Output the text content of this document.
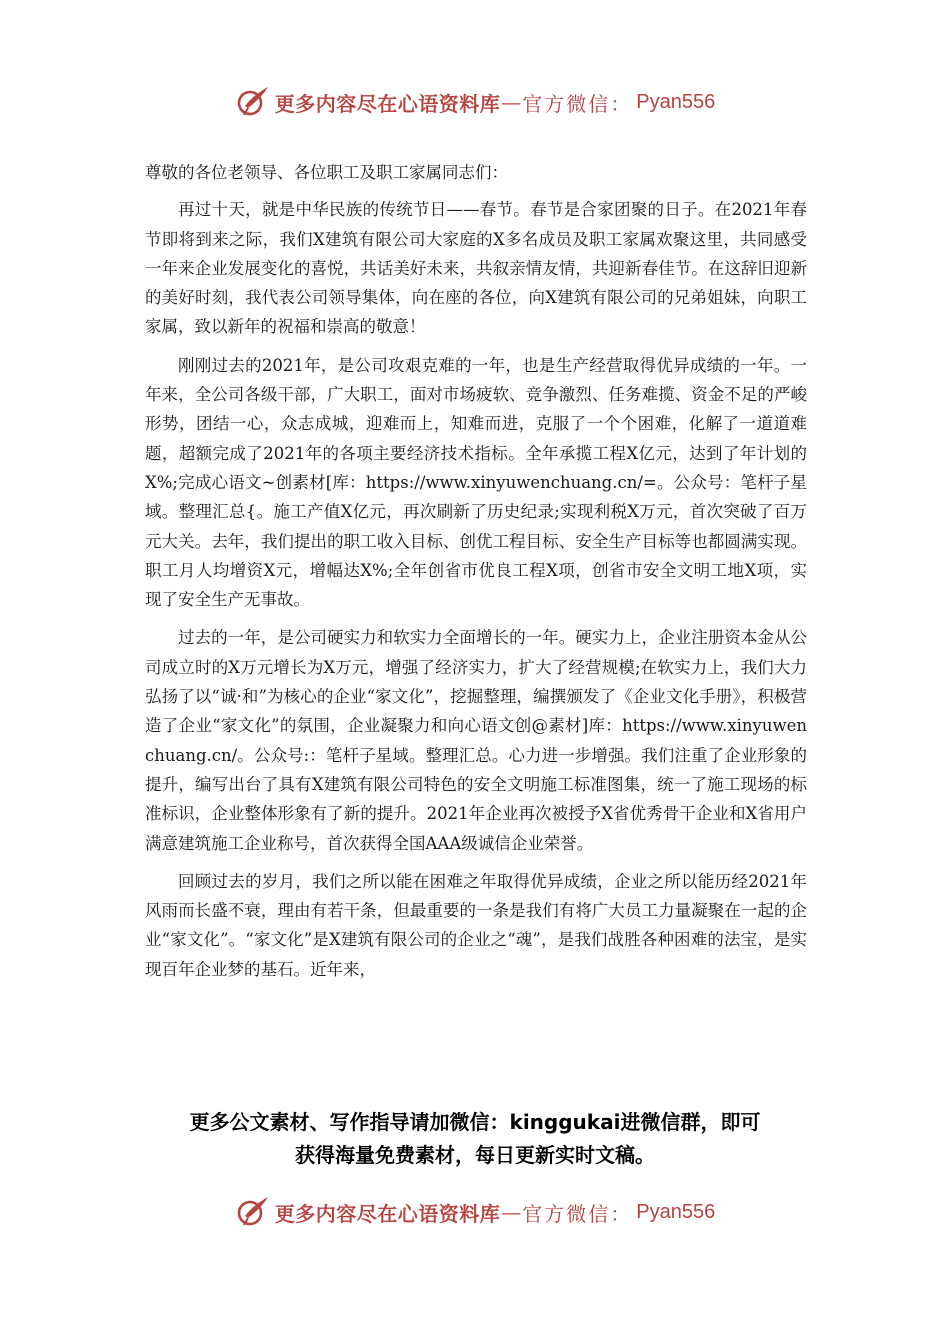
更多内容尽在心语资料库 — 官方微信： Pyan556

尊敬的各位老领导、各位职工及职工家属同志们：

再过十天，就是中华民族的传统节日——春节。春节是合家团聚的日子。在2021年春节即将到来之际，我们X建筑有限公司大家庭的X多名成员及职工家属欢聚这里，共同感受一年来企业发展变化的喜悦，共话美好未来，共叙亲情友情，共迎新春佳节。在这辞旧迎新的美好时刻，我代表公司领导集体，向在座的各位，向X建筑有限公司的兄弟姐妹，向职工家属，致以新年的祝福和崇高的敬意！

刚刚过去的2021年，是公司攻艰克难的一年，也是生产经营取得优异成绩的一年。一年来，全公司各级干部，广大职工，面对市场疲软、竞争激烈、任务难揽、资金不足的严峻形势，团结一心，众志成城，迎难而上，知难而进，克服了一个个困难，化解了一道道难题，超额完成了2021年的各项主要经济技术指标。全年承揽工程X亿元，达到了年计划的X%;完成心语文~创素材[库：https://www.xinyuwenchuang.cn/=。公众号：笔杆子星域。整理汇总{。施工产值X亿元，再次刷新了历史纪录;实现利税X万元，首次突破了百万元大关。去年，我们提出的职工收入目标、创优工程目标、安全生产目标等也都圆满实现。职工月人均增资X元，增幅达X%;全年创省市优良工程X项，创省市安全文明工地X项，实现了安全生产无事故。

过去的一年，是公司硬实力和软实力全面增长的一年。硬实力上，企业注册资本金从公司成立时的X万元增长为X万元，增强了经济实力，扩大了经营规模;在软实力上，我们大力弘扬了以“诚·和”为核心的企业“家文化”，挖掘整理，编撰颁发了《企业文化手册》，积极营造了企业“家文化”的氛围，企业凝聚力和向心语文创@素材]库：https://www.xinyuwenchuang.cn/。公众号:：笔杆子星域。整理汇总。心力进一步增强。我们注重了企业形象的提升，编写出台了具有X建筑有限公司特色的安全文明施工标准图集，统一了施工现场的标准标识，企业整体形象有了新的提升。2021年企业再次被授予X省优秀骨干企业和X省用户满意建筑施工企业称号，首次获得全国AAA级诚信企业荣誉。

回顾过去的岁月，我们之所以能在困难之年取得优异成绩，企业之所以能历经2021年风雨而长盛不衰，理由有若干条，但最重要的一条是我们有将广大员工力量凝聚在一起的企业“家文化”。“家文化”是X建筑有限公司的企业之“魂”，是我们战胜各种困难的法宝，是实现百年企业梦的基石。近年来，

更多公文素材、写作指导请加微信：kinggukai进微信群，即可
获得海量免费素材，每日更新实时文稿。
更多内容尽在心语资料库 — 官方微信： Pyan556
